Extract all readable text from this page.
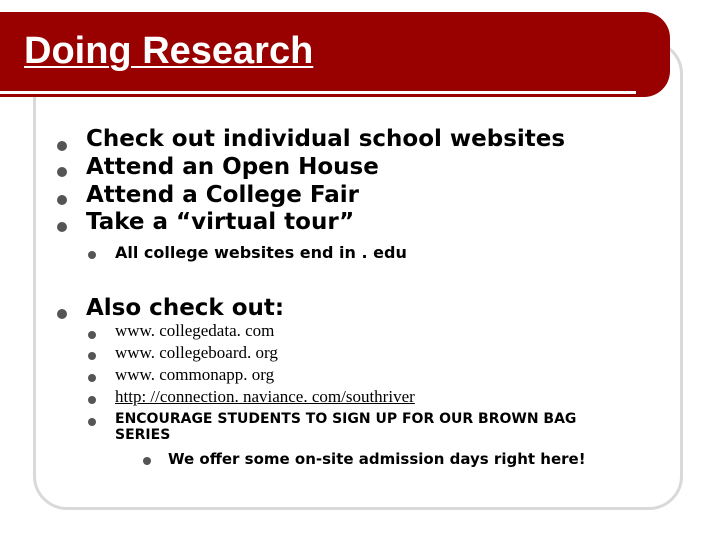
Doing Research
Check out individual school websites
Attend an Open House
Attend a College Fair
Take a “virtual tour”
All college websites end in . edu
Also check out:
www. collegedata. com
www. collegeboard. org
www. commonapp. org
http: //connection. naviance. com/southriver
ENCOURAGE STUDENTS TO SIGN UP FOR OUR BROWN BAG
SERIES
We offer some on-site admission days right here!
